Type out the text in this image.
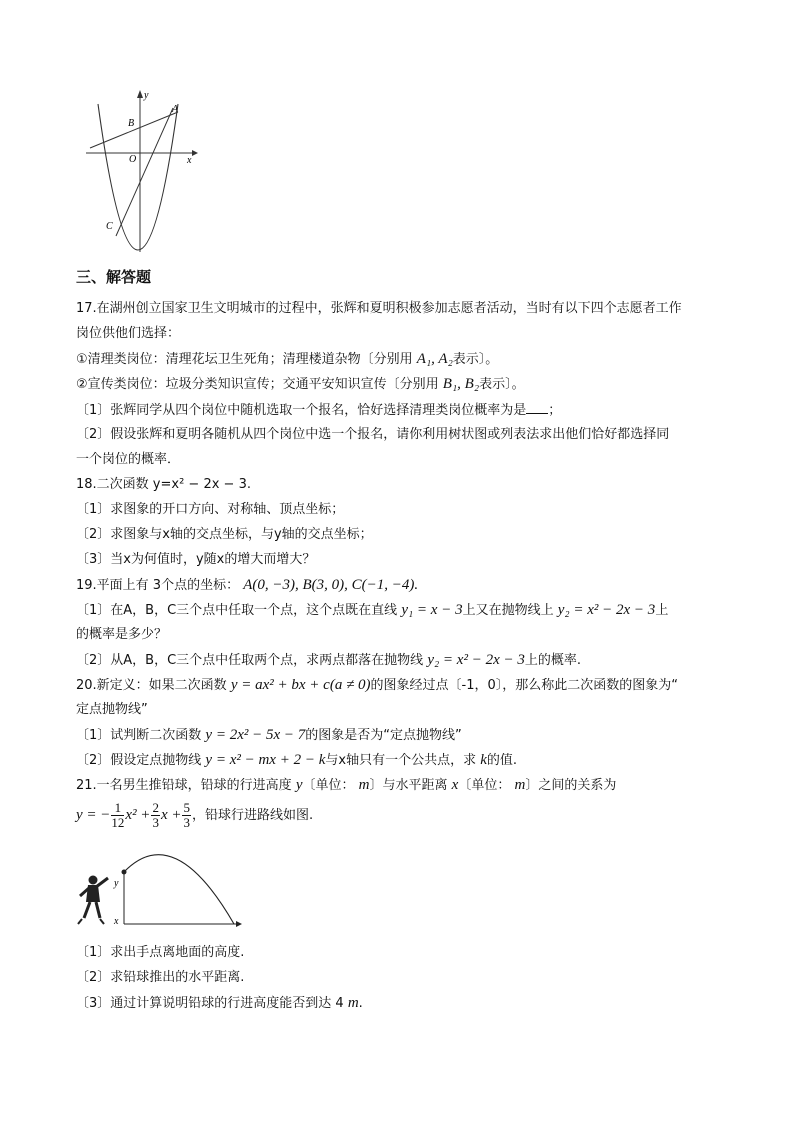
y
x
A
B
O
C
三、解答题
17.在湖州创立国家卫生文明城市的过程中，张辉和夏明积极参加志愿者活动，当时有以下四个志愿者工作
岗位供他们选择：
①清理类岗位：清理花坛卫生死角；清理楼道杂物〔分别用 A₁, A₂表示〕。
②宣传类岗位：垃圾分类知识宣传；交通平安知识宣传〔分别用 B₁, B₂表示〕。
〔1〕张辉同学从四个岗位中随机选取一个报名，恰好选择清理类岗位概率为是 ；
〔2〕假设张辉和夏明各随机从四个岗位中选一个报名，请你利用树状图或列表法求出他们恰好都选择同
一个岗位的概率．
18.二次函数 y=x² − 2x − 3.
〔1〕求图象的开口方向、对称轴、顶点坐标；
〔2〕求图象与x轴的交点坐标，与y轴的交点坐标；
〔3〕当x为何值时，y随x的增大而增大？
19.平面上有 3个点的坐标： A(0, −3), B(3, 0), C(−1, −4).
〔1〕在A，B，C三个点中任取一个点，这个点既在直线 y₁ = x − 3上又在抛物线上 y₂ = x² − 2x − 3上
的概率是多少？
〔2〕从A，B，C三个点中任取两个点，求两点都落在抛物线 y₂ = x² − 2x − 3上的概率.
20.新定义：如果二次函数 y = ax² + bx + c(a ≠ 0)的图象经过点〔-1，0〕，那么称此二次函数的图象为“
定点抛物线”
〔1〕试判断二次函数 y = 2x² − 5x − 7的图象是否为“定点抛物线”
〔2〕假设定点抛物线 y = x² − mx + 2 − k与x轴只有一个公共点，求 k的值.
21.一名男生推铅球，铅球的行进高度 y〔单位： m〕与水平距离 x〔单位： m〕之间的关系为
y = − $\frac{1}{12} x^2 + \frac{2}{3}$ $x + \frac{5}{3}$ ，铅球行进路线如图.
y
x
〔1〕求出手点离地面的高度.
〔2〕求铅球推出的水平距离.
〔3〕通过计算说明铅球的行进高度能否到达 4 m.
